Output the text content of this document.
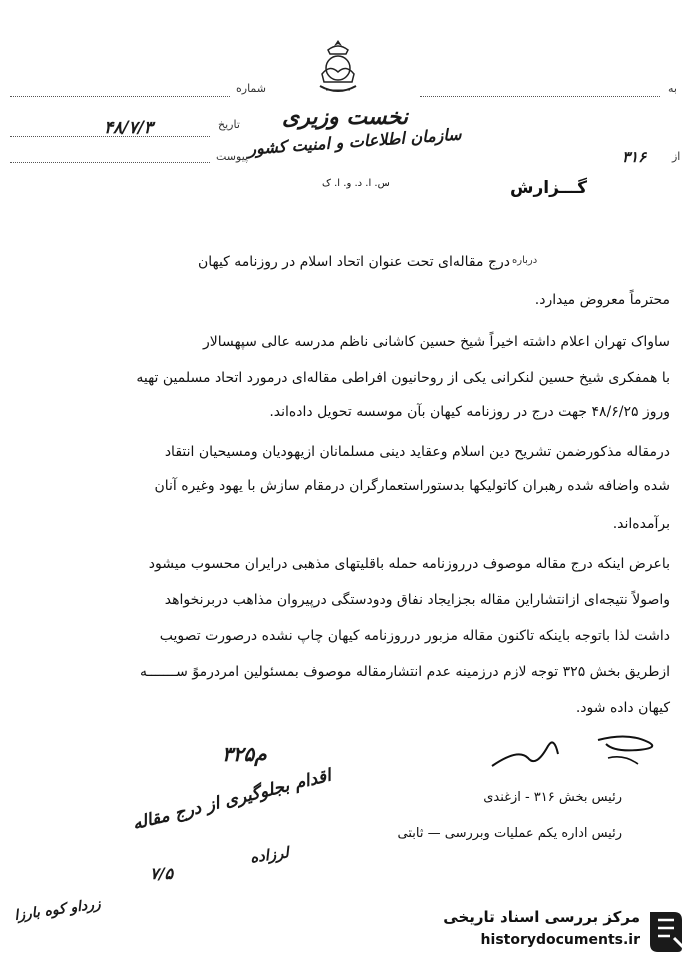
شماره
تاریخ
۴۸/۷/۳
پیوست
نخست وزیری
سازمان اطلاعات و امنیت کشور
س. ا. د. و. ا. ک
به
از
۳۱۶
گـــزارش
درباره
درج مقاله‌ای تحت عنوان اتحاد اسلام در روزنامه کیهان
محترماً معروض میدارد.
ساواک تهران اعلام داشته اخیراً شیخ حسین کاشانی ناظم مدرسه عالی سپهسالار
با همفکری شیخ حسین لنکرانی یکی از روحانیون افراطی مقاله‌ای درمورد اتحاد مسلمین تهیه
وروز ۴۸/۶/۲۵ جهت درج در روزنامه کیهان بآن موسسه تحویل داده‌اند.
درمقاله مذکورضمن تشریح دین اسلام وعقاید دینی مسلمانان ازیهودیان ومسیحیان انتقاد
شده واضافه شده رهبران کاتولیکها بدستوراستعمارگران درمقام سازش با یهود وغیره آنان
برآمده‌اند.
باعرض اینکه درج مقاله موصوف درروزنامه حمله باقلیتهای مذهبی درایران محسوب میشود
واصولاً نتیجه‌ای ازانتشاراین مقاله بجزایجاد نفاق ودودستگی درپیروان مذاهب دربرنخواهد
داشت لذا باتوجه باینکه تاکنون مقاله مزبور درروزنامه کیهان چاپ نشده درصورت تصویب
ازطریق بخش ۳۲۵ توجه لازم درزمینه عدم انتشارمقاله موصوف بمسئولین امردرموً ســـــــه
کیهان داده شود.
رئیس بخش ۳۱۶ - ازغندی
رئیس اداره یکم عملیات وبررسی — ثابتی
۳۲۵م
اقدام بجلوگیری از درج مقاله
۷/۵
لرزاده
زرداو کوه بارزا	مرکز بررسی اسناد تاریخی
historydocuments.ir
